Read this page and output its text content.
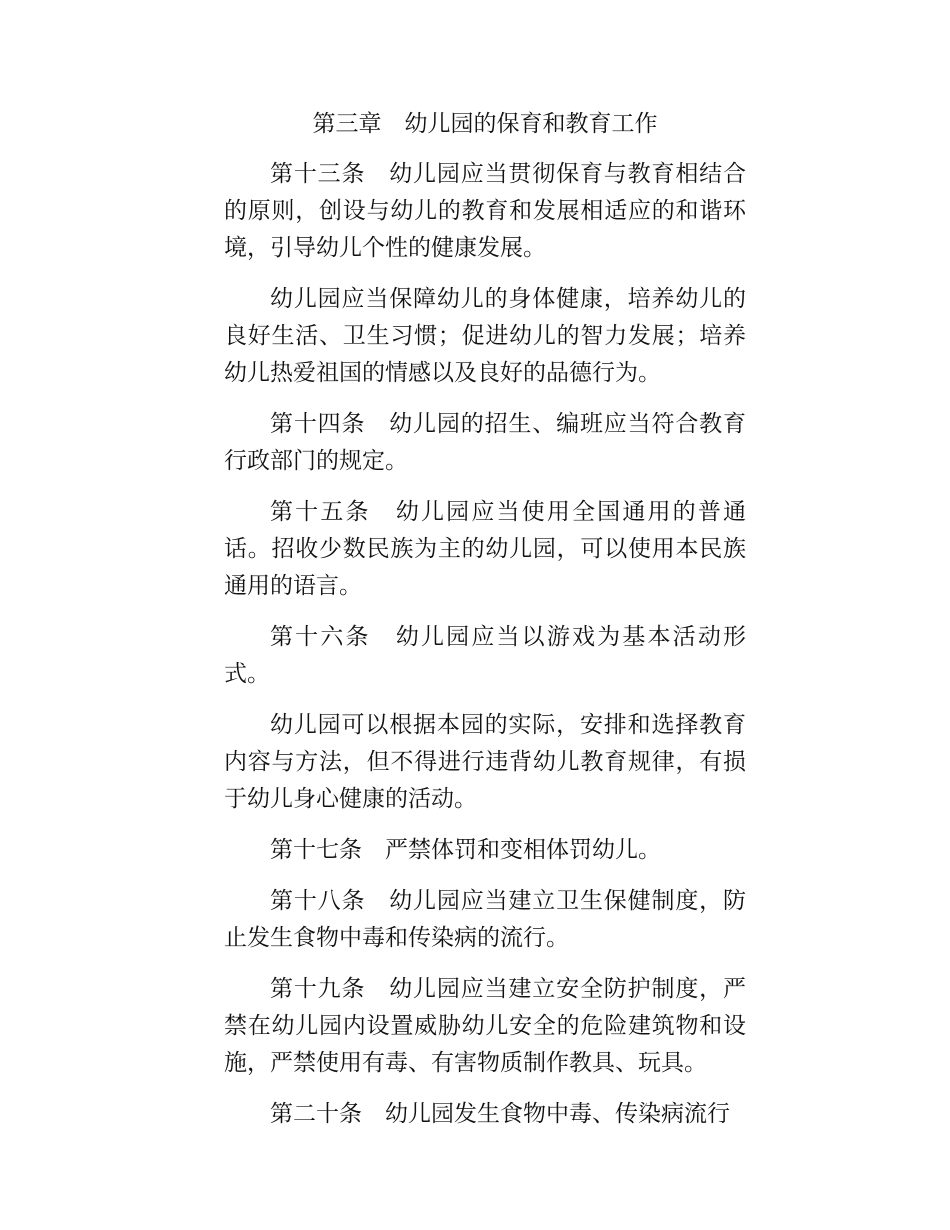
第三章　幼儿园的保育和教育工作

第十三条　幼儿园应当贯彻保育与教育相结合的原则，创设与幼儿的教育和发展相适应的和谐环境，引导幼儿个性的健康发展。

幼儿园应当保障幼儿的身体健康，培养幼儿的良好生活、卫生习惯；促进幼儿的智力发展；培养幼儿热爱祖国的情感以及良好的品德行为。

第十四条　幼儿园的招生、编班应当符合教育行政部门的规定。

第十五条　幼儿园应当使用全国通用的普通话。招收少数民族为主的幼儿园，可以使用本民族通用的语言。

第十六条　幼儿园应当以游戏为基本活动形式。

幼儿园可以根据本园的实际，安排和选择教育内容与方法，但不得进行违背幼儿教育规律，有损于幼儿身心健康的活动。

第十七条　严禁体罚和变相体罚幼儿。

第十八条　幼儿园应当建立卫生保健制度，防止发生食物中毒和传染病的流行。

第十九条　幼儿园应当建立安全防护制度，严禁在幼儿园内设置威胁幼儿安全的危险建筑物和设施，严禁使用有毒、有害物质制作教具、玩具。

第二十条　幼儿园发生食物中毒、传染病流行
